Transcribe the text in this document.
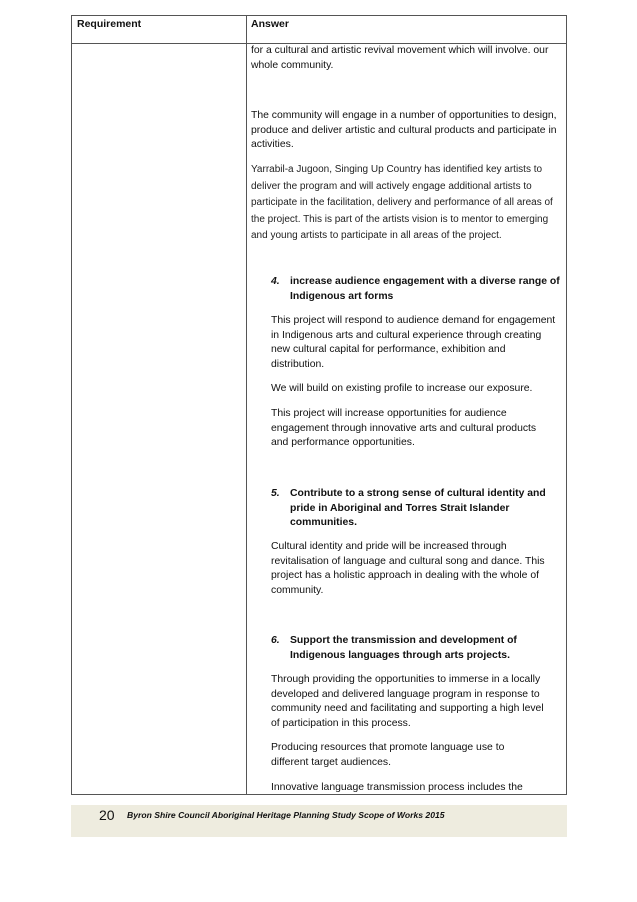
Requirement	Answer

for a cultural and artistic revival movement which will involve. our whole community.

The community will engage in a number of opportunities to design, produce and deliver artistic and cultural products and participate in activities.

Yarrabil-a Jugoon, Singing Up Country has identified key artists to deliver the program and will actively engage additional artists to participate in the facilitation, delivery and performance of all areas of the project. This is part of the artists vision is to mentor to emerging and young artists to participate in all areas of the project.

4. increase audience engagement with a diverse range of Indigenous art forms

This project will respond to audience demand for engagement in Indigenous arts and cultural experience through creating new cultural capital for performance, exhibition and distribution.

We will build on existing profile to increase our exposure.

This project will increase opportunities for audience engagement through innovative arts and cultural products and performance opportunities.

5. Contribute to a strong sense of cultural identity and pride in Aboriginal and Torres Strait Islander communities.

Cultural identity and pride will be increased through revitalisation of language and cultural song and dance. This project has a holistic approach in dealing with the whole of community.

6. Support the transmission and development of Indigenous languages through arts projects.

Through providing the opportunities to immerse in a locally developed and delivered language program in response to community need and facilitating and supporting a high level of participation in this process.

Producing resources that promote language use to different target audiences.

Innovative language transmission process includes the

20 Byron Shire Council Aboriginal Heritage Planning Study Scope of Works 2015
